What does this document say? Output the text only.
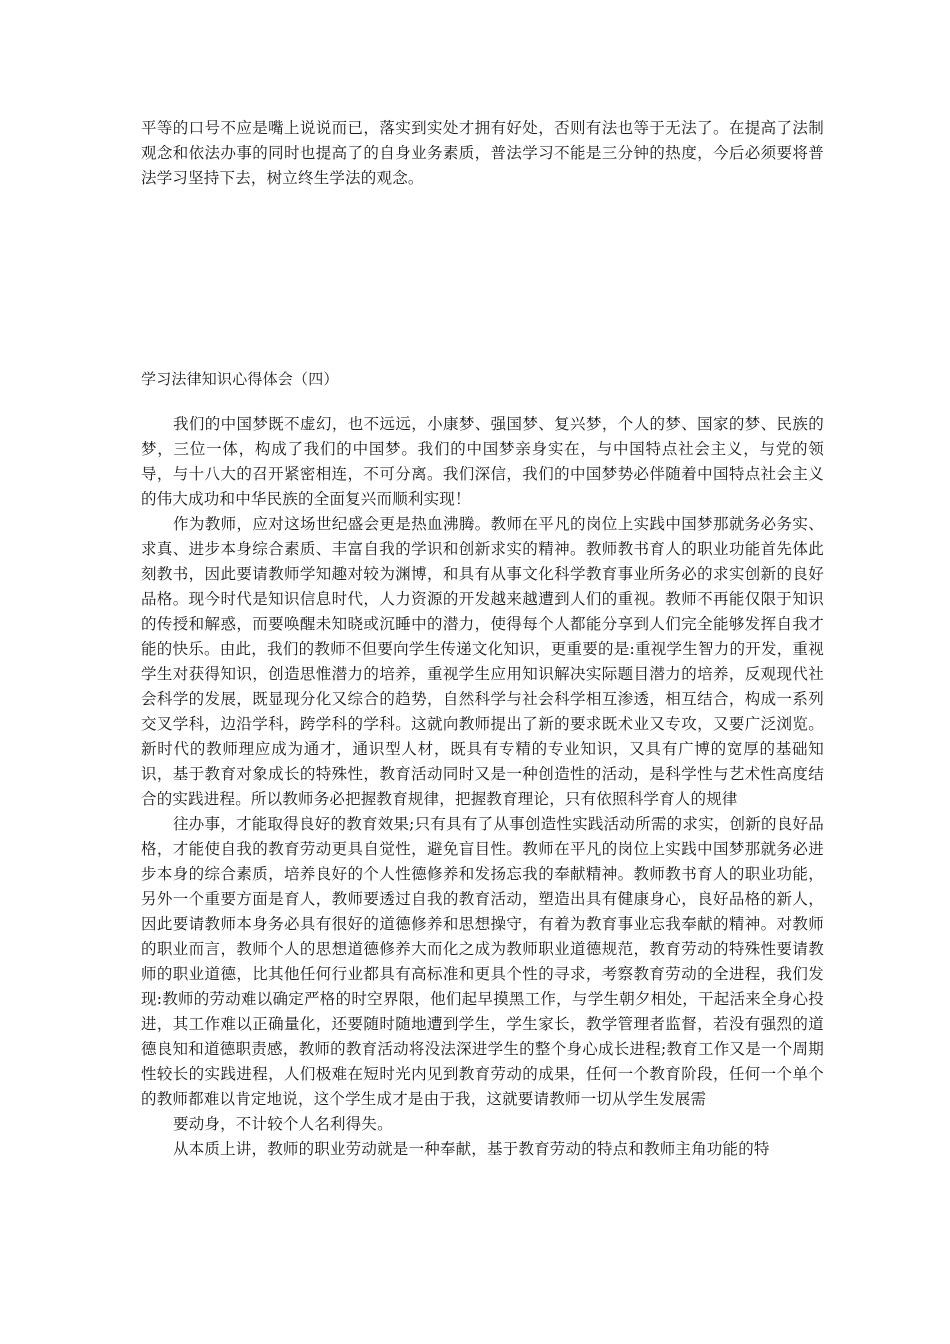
平等的口号不应是嘴上说说而已，落实到实处才拥有好处，否则有法也等于无法了。在提高了法制观念和依法办事的同时也提高了的自身业务素质，普法学习不能是三分钟的热度，今后必须要将普法学习坚持下去，树立终生学法的观念。

学习法律知识心得体会（四）

我们的中国梦既不虚幻，也不远远，小康梦、强国梦、复兴梦，个人的梦、国家的梦、民族的梦，三位一体，构成了我们的中国梦。我们的中国梦亲身实在，与中国特点社会主义，与党的领导，与十八大的召开紧密相连，不可分离。我们深信，我们的中国梦势必伴随着中国特点社会主义的伟大成功和中华民族的全面复兴而顺利实现！

作为教师，应对这场世纪盛会更是热血沸腾。教师在平凡的岗位上实践中国梦那就务必务实、求真、进步本身综合素质、丰富自我的学识和创新求实的精神。教师教书育人的职业功能首先体此刻教书，因此要请教师学知趣对较为渊博，和具有从事文化科学教育事业所务必的求实创新的良好品格。现今时代是知识信息时代，人力资源的开发越来越遭到人们的重视。教师不再能仅限于知识的传授和解惑，而要唤醒未知晓或沉睡中的潜力，使得每个人都能分享到人们完全能够发挥自我才能的快乐。由此，我们的教师不但要向学生传递文化知识，更重要的是:重视学生智力的开发，重视学生对获得知识，创造思惟潜力的培养，重视学生应用知识解决实际题目潜力的培养，反观现代社会科学的发展，既显现分化又综合的趋势，自然科学与社会科学相互渗透，相互结合，构成一系列交叉学科，边沿学科，跨学科的学科。这就向教师提出了新的要求既术业又专攻，又要广泛浏览。新时代的教师理应成为通才，通识型人材，既具有专精的专业知识，又具有广博的宽厚的基础知识，基于教育对象成长的特殊性，教育活动同时又是一种创造性的活动，是科学性与艺术性高度结合的实践进程。所以教师务必把握教育规律，把握教育理论，只有依照科学育人的规律

往办事，才能取得良好的教育效果;只有具有了从事创造性实践活动所需的求实，创新的良好品格，才能使自我的教育劳动更具自觉性，避免盲目性。教师在平凡的岗位上实践中国梦那就务必进步本身的综合素质，培养良好的个人性德修养和发扬忘我的奉献精神。教师教书育人的职业功能，另外一个重要方面是育人，教师要透过自我的教育活动，塑造出具有健康身心，良好品格的新人，因此要请教师本身务必具有很好的道德修养和思想操守，有着为教育事业忘我奉献的精神。对教师的职业而言，教师个人的思想道德修养大而化之成为教师职业道德规范，教育劳动的特殊性要请教师的职业道德，比其他任何行业都具有高标准和更具个性的寻求，考察教育劳动的全进程，我们发现:教师的劳动难以确定严格的时空界限，他们起早摸黑工作，与学生朝夕相处，干起活来全身心投进，其工作难以正确量化，还要随时随地遭到学生，学生家长，教学管理者监督，若没有强烈的道德良知和道德职责感，教师的教育活动将没法深进学生的整个身心成长进程;教育工作又是一个周期性较长的实践进程，人们极难在短时光内见到教育劳动的成果，任何一个教育阶段，任何一个单个的教师都难以肯定地说，这个学生成才是由于我，这就要请教师一切从学生发展需

要动身，不计较个人名利得失。

从本质上讲，教师的职业劳动就是一种奉献，基于教育劳动的特点和教师主角功能的特
